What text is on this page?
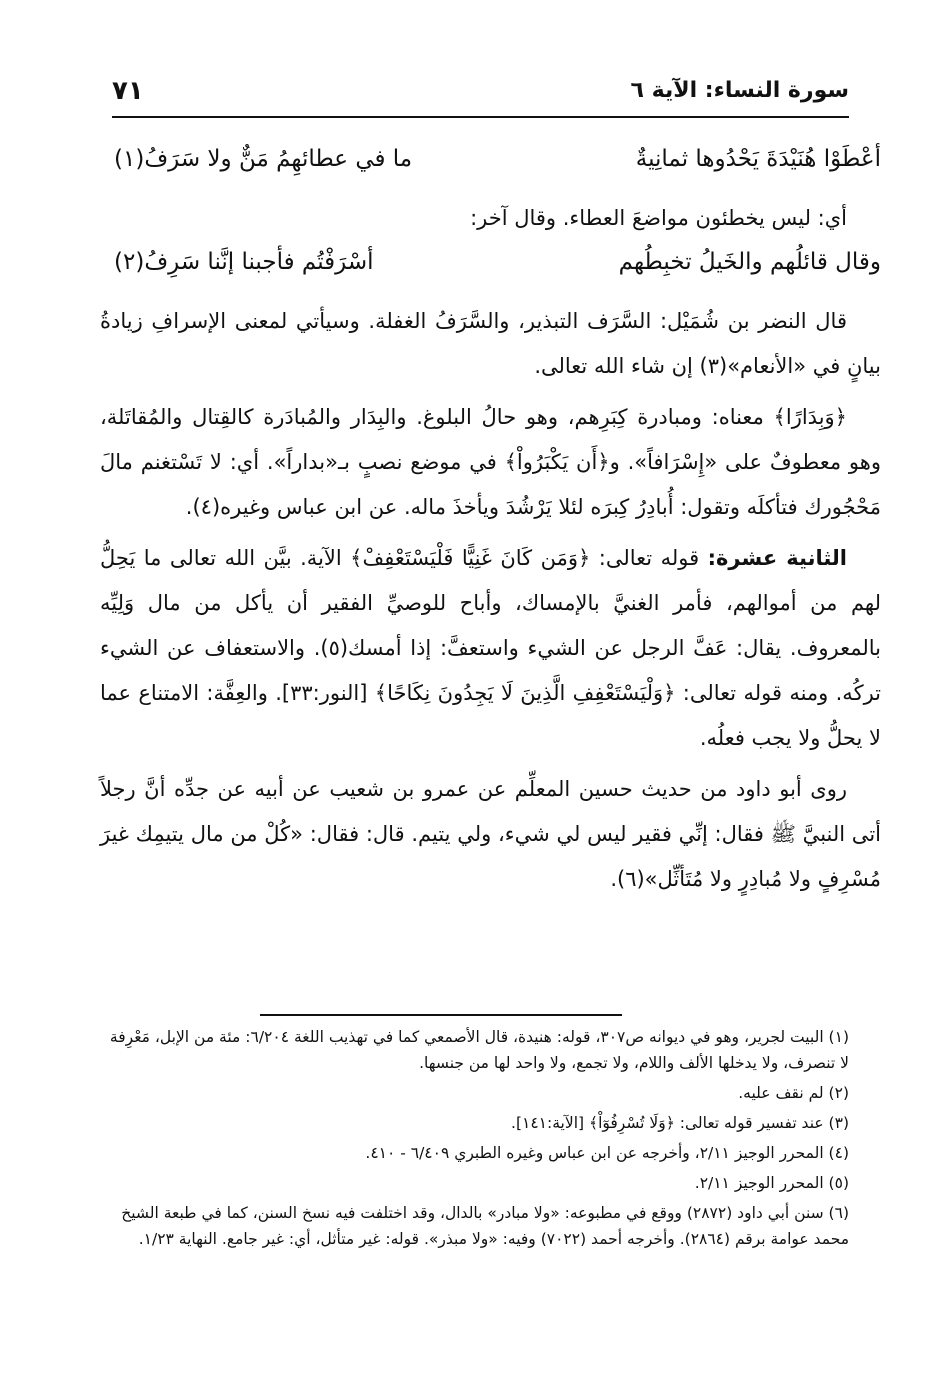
سورة النساء: الآية ٦
٧١
أعْطَوْا هُنَيْدَةَ يَحْدُوها ثمانِيةٌ
ما في عطائهِمُ مَنٌّ ولا سَرَفُ(١)

أي: ليس يخطئون مواضعَ العطاء. وقال آخر:

وقال قائلُهم والخَيلُ تخبِطُهم
أسْرَفْتُم فأجبنا إنَّنا سَرِفُ(٢)

قال النضر بن شُمَيْل: السَّرَف التبذير، والسَّرَفُ الغفلة. وسيأتي لمعنى الإسرافِ زيادةُ بيانٍ في «الأنعام»(٣) إن شاء الله تعالى.

﴿وَبِدَارًا﴾ معناه: ومبادرة كِبَرِهم، وهو حالُ البلوغ. والبِدَار والمُبادَرة كالقِتال والمُقاتَلة، وهو معطوفٌ على «إِسْرَافاً». و﴿أَن يَكْبَرُواْ﴾ في موضع نصبٍ بـ«بداراً». أي: لا تَسْتغنم مالَ مَحْجُورك فتأكلَه وتقول: أُبادِرُ كِبرَه لئلا يَرْشُدَ ويأخذَ ماله. عن ابن عباس وغيره(٤).

الثانية عشرة: قوله تعالى: ﴿وَمَن كَانَ غَنِيًّا فَلْيَسْتَعْفِفْ﴾ الآية. بيَّن الله تعالى ما يَحِلُّ لهم من أموالهم، فأمر الغنيَّ بالإمساك، وأباح للوصيِّ الفقير أن يأكل من مال وَلِيِّه بالمعروف. يقال: عَفَّ الرجل عن الشيء واستعفَّ: إذا أمسك(٥). والاستعفاف عن الشيء تركُه. ومنه قوله تعالى: ﴿وَلْيَسْتَعْفِفِ الَّذِينَ لَا يَجِدُونَ نِكَاحًا﴾ [النور:٣٣]. والعِفَّة: الامتناع عما لا يحلُّ ولا يجب فعلُه.

روى أبو داود من حديث حسين المعلِّم عن عمرو بن شعيب عن أبيه عن جدِّه أنَّ رجلاً أتى النبيَّ ﷺ فقال: إنِّي فقير ليس لي شيء، ولي يتيم. قال: فقال: «كُلْ من مال يتيمِك غيرَ مُسْرِفٍ ولا مُبادِرٍ ولا مُتَأثِّل»(٦).

(١) البيت لجرير، وهو في ديوانه ص٣٠٧، قوله: هنيدة، قال الأصمعي كما في تهذيب اللغة ٦/٢٠٤: مئة من الإبل، مَعْرِفة لا تنصرف، ولا يدخلها الألف واللام، ولا تجمع، ولا واحد لها من جنسها.

(٢) لم نقف عليه.

(٣) عند تفسير قوله تعالى: ﴿وَلَا تُسْرِفُوٓاْ﴾ [الآية:١٤١].

(٤) المحرر الوجيز ٢/١١، وأخرجه عن ابن عباس وغيره الطبري ٦/٤٠٩ - ٤١٠.

(٥) المحرر الوجيز ٢/١١.

(٦) سنن أبي داود (٢٨٧٢) ووقع في مطبوعه: «ولا مبادر» بالدال، وقد اختلفت فيه نسخ السنن، كما في طبعة الشيخ محمد عوامة برقم (٢٨٦٤). وأخرجه أحمد (٧٠٢٢) وفيه: «ولا مبذر». قوله: غير متأثل، أي: غير جامع. النهاية ١/٢٣.
